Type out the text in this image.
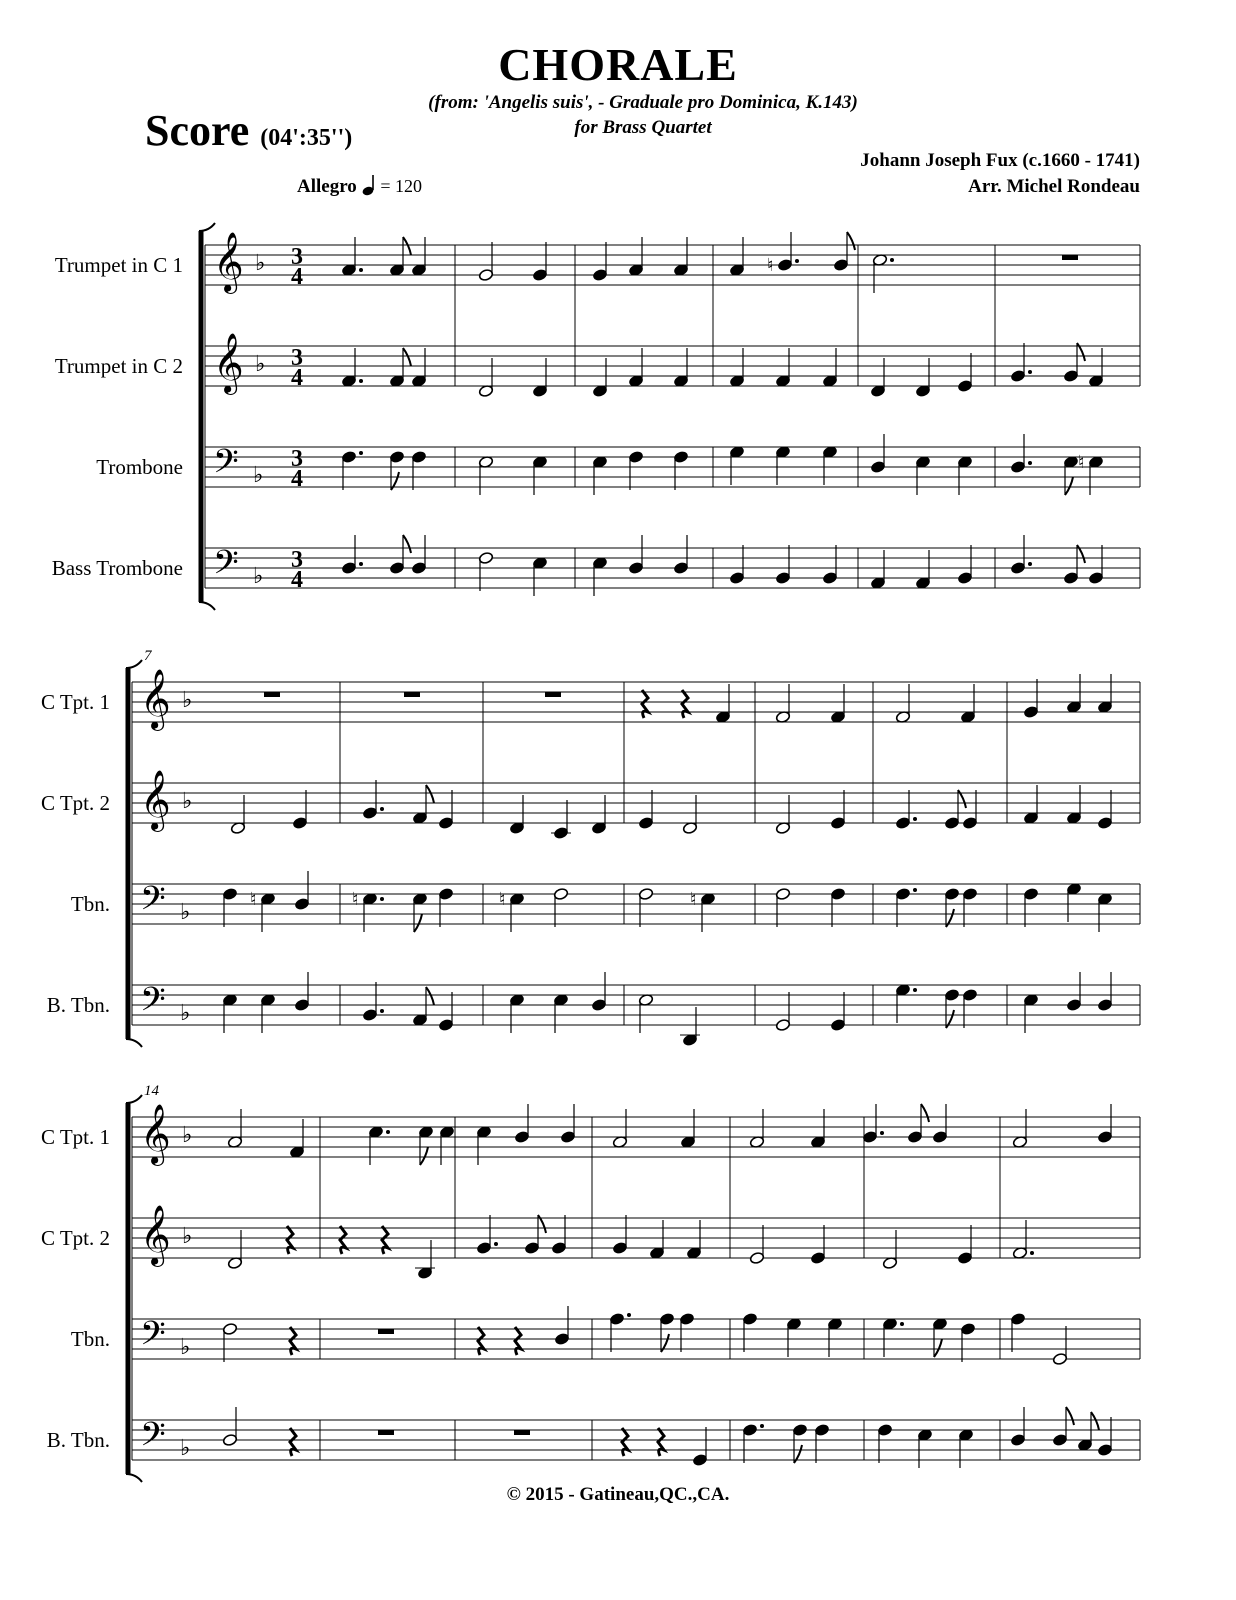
CHORALE
(from: 'Angelis suis', - Graduale pro Dominica, K.143)
for Brass Quartet
Score (04':35'')
Johann Joseph Fux (c.1660 - 1741)
Arr. Michel Rondeau
Allegro = 120
Trumpet in C 1 𝄞 ♭ 3
4	♮
Trumpet in C 2 𝄞 ♭ 3
4
Trombone 𝄢 ♭
3
4
♮
Bass Trombone 𝄢 ♭
3
4
7
C Tpt. 1 𝄞 ♭
C Tpt. 2 𝄞 ♭
Tbn. 𝄢 ♭
♮	♮	♮	♮
B. Tbn. 𝄢 ♭
14
C Tpt. 1 𝄞 ♭
C Tpt. 2 𝄞 ♭
Tbn. 𝄢 ♭
B. Tbn. 𝄢 ♭
© 2015 - Gatineau,QC.,CA.
